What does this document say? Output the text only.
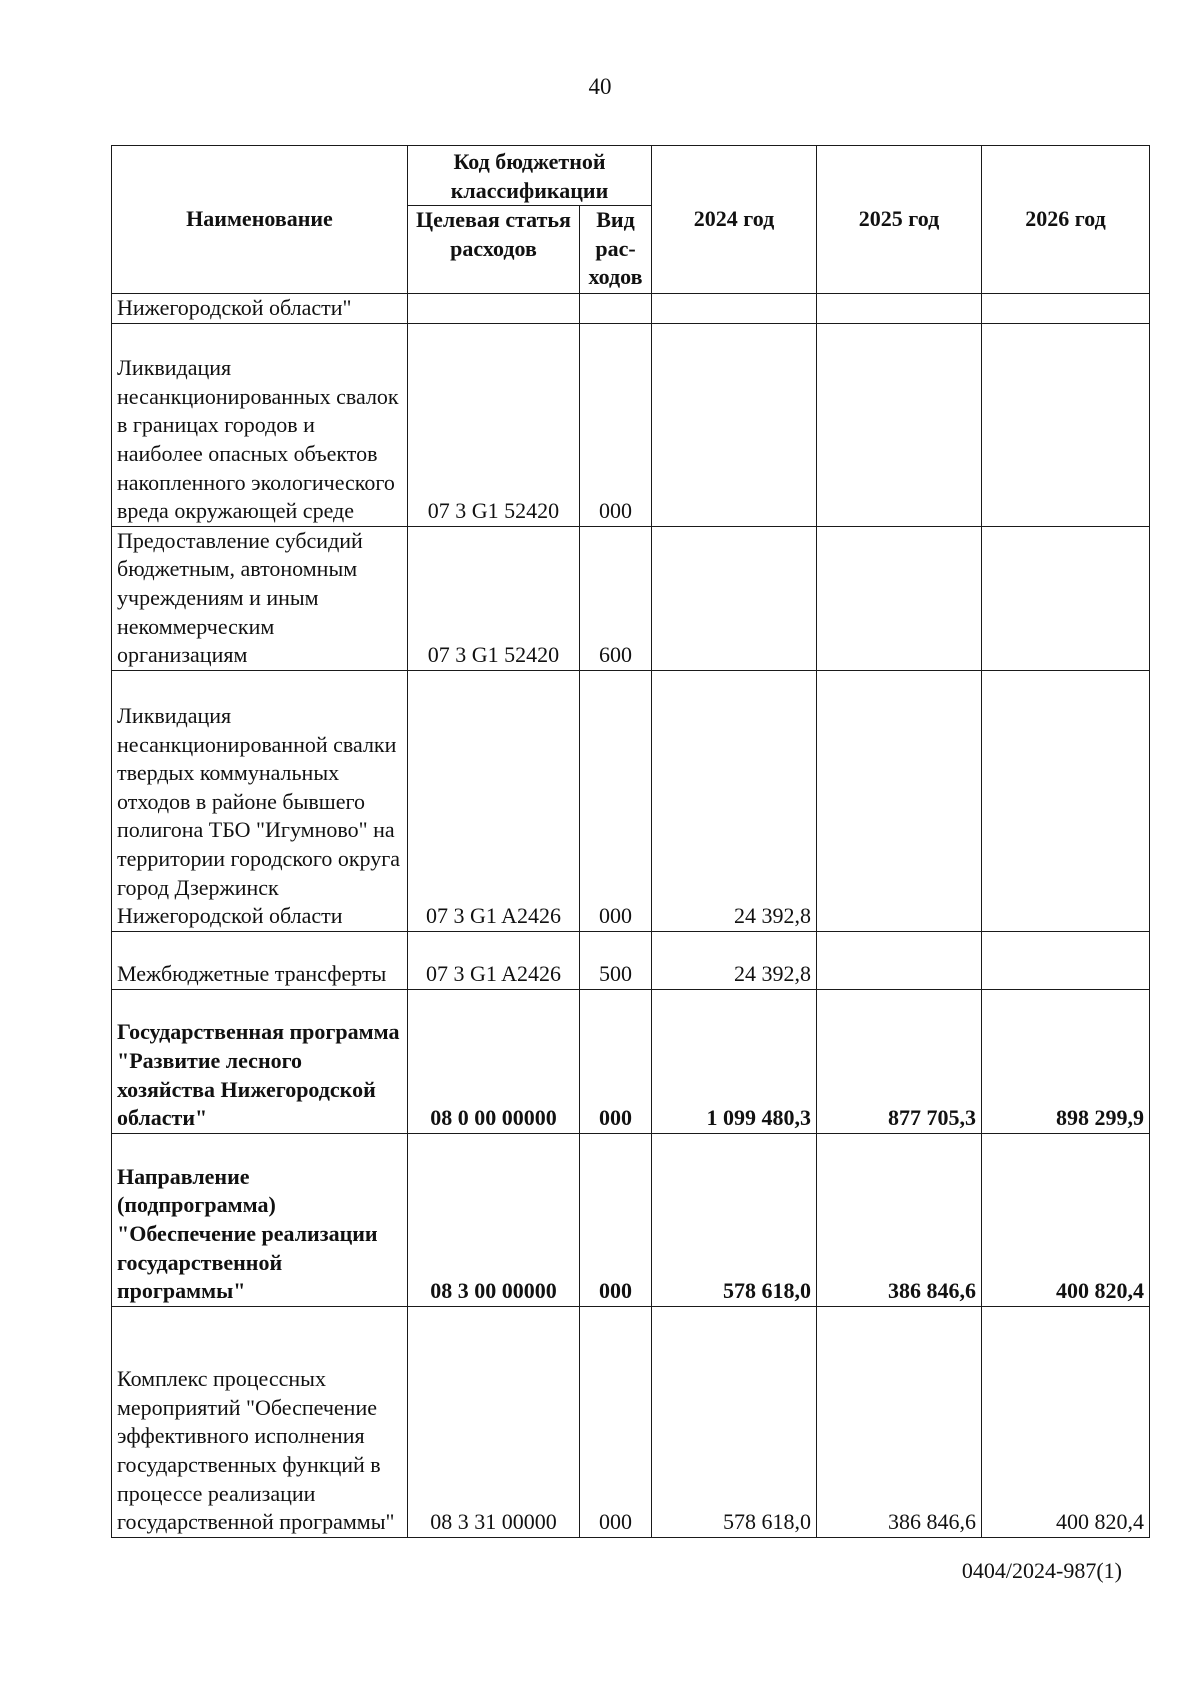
40
Наименование	Код бюджетной классификации		2024 год	2025 год	2026 год
	Целевая статья расходов	Вид рас-ходов			
Нижегородской области"					
Ликвидация несанкционированных свалок в границах городов и наиболее опасных объектов накопленного экологического вреда окружающей среде	07 3 G1 52420	000			
Предоставление субсидий бюджетным, автономным учреждениям и иным некоммерческим организациям	07 3 G1 52420	600			
Ликвидация несанкционированной свалки твердых коммунальных отходов в районе бывшего полигона ТБО "Игумново" на территории городского округа город Дзержинск Нижегородской области	07 3 G1 A2426	000	24 392,8		
Межбюджетные трансферты	07 3 G1 A2426	500	24 392,8		
Государственная программа "Развитие лесного хозяйства Нижегородской области"	08 0 00 00000	000	1 099 480,3	877 705,3	898 299,9
Направление (подпрограмма) "Обеспечение реализации государственной программы"	08 3 00 00000	000	578 618,0	386 846,6	400 820,4
Комплекс процессных мероприятий "Обеспечение эффективного исполнения государственных функций в процессе реализации государственной программы"	08 3 31 00000	000	578 618,0	386 846,6	400 820,4
0404/2024-987(1)
